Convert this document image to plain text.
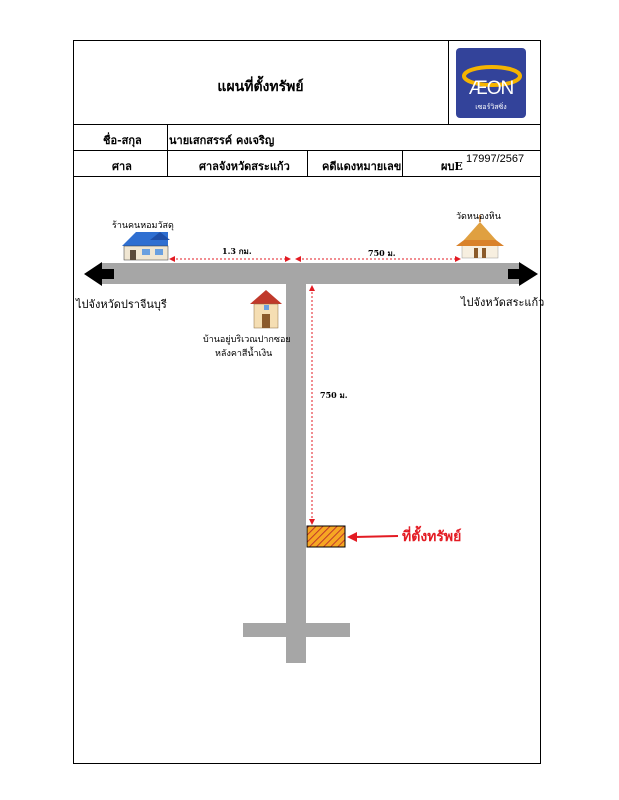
แผนที่ตั้งทรัพย์	ÆON
เซอร์วิสซิ่ง
ชื่อ-สกุล นายเสกสรรค์ คงเจริญ
ศาล	ศาลจังหวัดสระแก้ว	คดีแดงหมายเลข	ผบE
17997/2567
ร้านคนหอมวัสดุ
วัดหนองหิน
บ้านอยู่บริเวณปากซอย
หลังคาสีน้ำเงิน
1.3 กม.	750 ม.
750 ม.
ไปจังหวัดปราจีนบุรี	ไปจังหวัดสระแก้ว
ที่ตั้งทรัพย์
